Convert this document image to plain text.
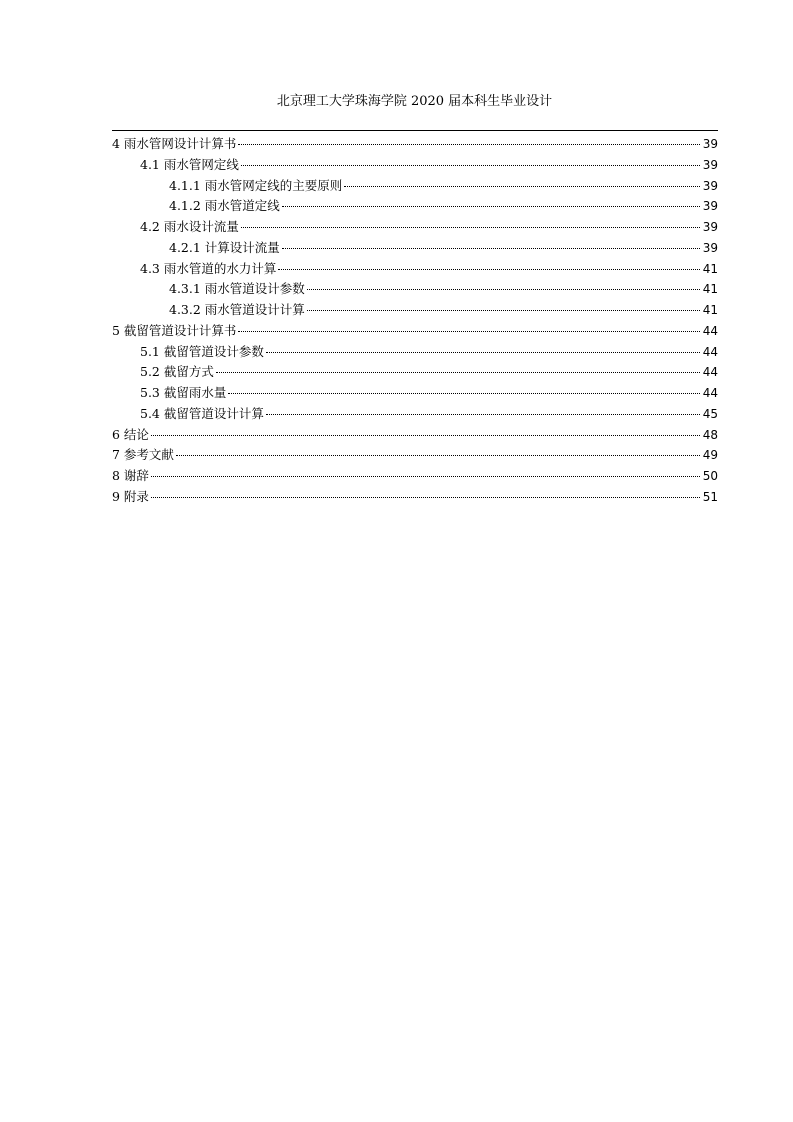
北京理工大学珠海学院 2020 届本科生毕业设计
4 雨水管网设计计算书	39
4.1 雨水管网定线	39
4.1.1 雨水管网定线的主要原则	39
4.1.2 雨水管道定线	39
4.2 雨水设计流量	39
4.2.1 计算设计流量	39
4.3 雨水管道的水力计算	41
4.3.1 雨水管道设计参数	41
4.3.2 雨水管道设计计算	41
5 截留管道设计计算书	44
5.1 截留管道设计参数	44
5.2 截留方式	44
5.3 截留雨水量	44
5.4 截留管道设计计算	45
6 结论	48
7 参考文献	49
8 谢辞	50
9 附录	51
